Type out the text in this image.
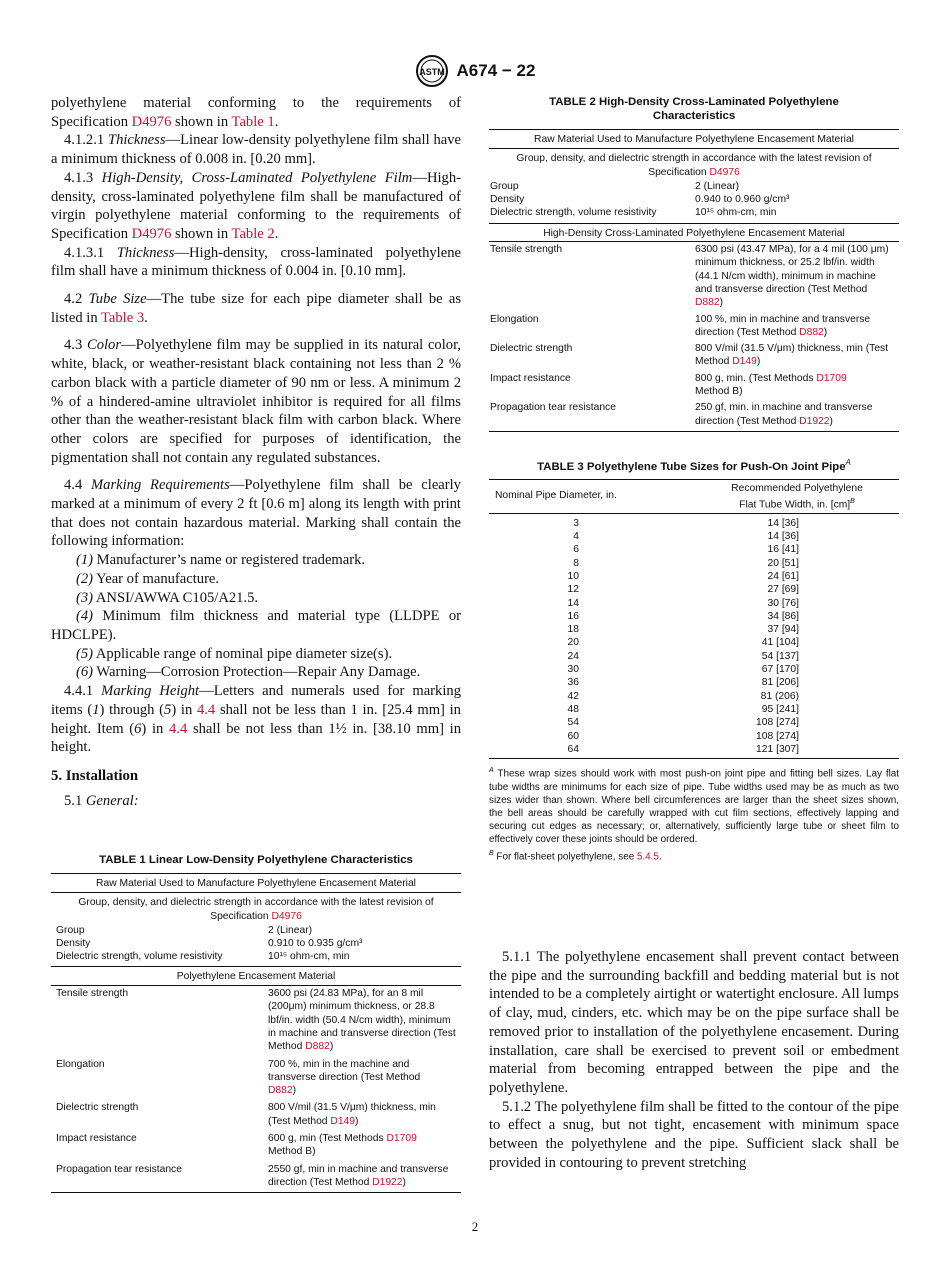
ASTM A674 − 22

polyethylene material conforming to the requirements of Specification D4976 shown in Table 1.

4.1.2.1 Thickness—Linear low-density polyethylene film shall have a minimum thickness of 0.008 in. [0.20 mm].

4.1.3 High-Density, Cross-Laminated Polyethylene Film—High-density, cross-laminated polyethylene film shall be manufactured of virgin polyethylene material conforming to the requirements of Specification D4976 shown in Table 2.

4.1.3.1 Thickness—High-density, cross-laminated polyethylene film shall have a minimum thickness of 0.004 in. [0.10 mm].

4.2 Tube Size—The tube size for each pipe diameter shall be as listed in Table 3.

4.3 Color—Polyethylene film may be supplied in its natural color, white, black, or weather-resistant black containing not less than 2 % carbon black with a particle diameter of 90 nm or less. A minimum 2 % of a hindered-amine ultraviolet inhibitor is required for all films other than the weather-resistant black film with carbon black. Where other colors are specified for purposes of identification, the pigmentation shall not contain any regulated substances.

4.4 Marking Requirements—Polyethylene film shall be clearly marked at a minimum of every 2 ft [0.6 m] along its length with print that does not contain hazardous material. Marking shall contain the following information:

(1) Manufacturer’s name or registered trademark.

(2) Year of manufacture.

(3) ANSI/AWWA C105/A21.5.

(4) Minimum film thickness and material type (LLDPE or HDCLPE).

(5) Applicable range of nominal pipe diameter size(s).

(6) Warning—Corrosion Protection—Repair Any Damage.

4.4.1 Marking Height—Letters and numerals used for marking items (1) through (5) in 4.4 shall not be less than 1 in. [25.4 mm] in height. Item (6) in 4.4 shall be not less than 1½ in. [38.10 mm] in height.

5. Installation

5.1 General:

TABLE 1 Linear Low-Density Polyethylene Characteristics
Raw Material Used to Manufacture Polyethylene Encasement Material
Group, density, and dielectric strength in accordance with the latest revision of Specification D4976
Group	2 (Linear)
Density	0.910 to 0.935 g/cm³
Dielectric strength, volume resistivity	10¹⁵ ohm-cm, min
Polyethylene Encasement Material
Tensile strength	3600 psi (24.83 MPa), for an 8 mil (200μm) minimum thickness, or 28.8 lbf/in. width (50.4 N/cm width), minimum in machine and transverse direction (Test Method D882)
Elongation	700 %, min in the machine and transverse direction (Test Method D882)
Dielectric strength	800 V/mil (31.5 V/μm) thickness, min (Test Method D149)
Impact resistance	600 g, min (Test Methods D1709 Method B)
Propagation tear resistance	2550 gf, min in machine and transverse direction (Test Method D1922)
TABLE 2 High-Density Cross-Laminated Polyethylene Characteristics
Raw Material Used to Manufacture Polyethylene Encasement Material
Group, density, and dielectric strength in accordance with the latest revision of Specification D4976
Group	2 (Linear)
Density	0.940 to 0.960 g/cm³
Dielectric strength, volume resistivity	10¹⁵ ohm-cm, min
High-Density Cross-Laminated Polyethylene Encasement Material
Tensile strength	6300 psi (43.47 MPa), for a 4 mil (100 μm) minimum thickness, or 25.2 lbf/in. width (44.1 N/cm width), minimum in machine and transverse direction (Test Method D882)
Elongation	100 %, min in machine and transverse direction (Test Method D882)
Dielectric strength	800 V/mil (31.5 V/μm) thickness, min (Test Method D149)
Impact resistance	800 g, min. (Test Methods D1709 Method B)
Propagation tear resistance	250 gf, min. in machine and transverse direction (Test Method D1922)
TABLE 3 Polyethylene Tube Sizes for Push-On Joint Pipe$^A$
Nominal Pipe Diameter, in.
Recommended Polyethylene
Flat Tube Width, in. [cm]$^B$
3	14 [36]
4	14 [36]
6	16 [41]
8	20 [51]
10	24 [61]
12	27 [69]
14	30 [76]
16	34 [86]
18	37 [94]
20	41 [104]
24	54 [137]
30	67 [170]
36	81 [206]
42	81 (206)
48	95 [241]
54	108 [274]
60	108 [274]
64	121 [307]
$^A$ These wrap sizes should work with most push-on joint pipe and fitting bell sizes. Lay flat tube widths are minimums for each size of pipe. Tube widths used may be as much as two sizes wider than shown. Where bell circumferences are larger than the sheet sizes shown, the bell areas should be carefully wrapped with cut film sections, effectively lapping and securing cut edges as necessary; or, alternatively, sufficiently large tube or sheet film to effectively cover these joints should be ordered.
$^B$ For flat-sheet polyethylene, see 5.4.5.

5.1.1 The polyethylene encasement shall prevent contact between the pipe and the surrounding backfill and bedding material but is not intended to be a completely airtight or watertight enclosure. All lumps of clay, mud, cinders, etc. which may be on the pipe surface shall be removed prior to installation of the polyethylene encasement. During installation, care shall be exercised to prevent soil or embedment material from becoming entrapped between the pipe and the polyethylene.

5.1.2 The polyethylene film shall be fitted to the contour of the pipe to effect a snug, but not tight, encasement with minimum space between the polyethylene and the pipe. Sufficient slack shall be provided in contouring to prevent stretching

2
